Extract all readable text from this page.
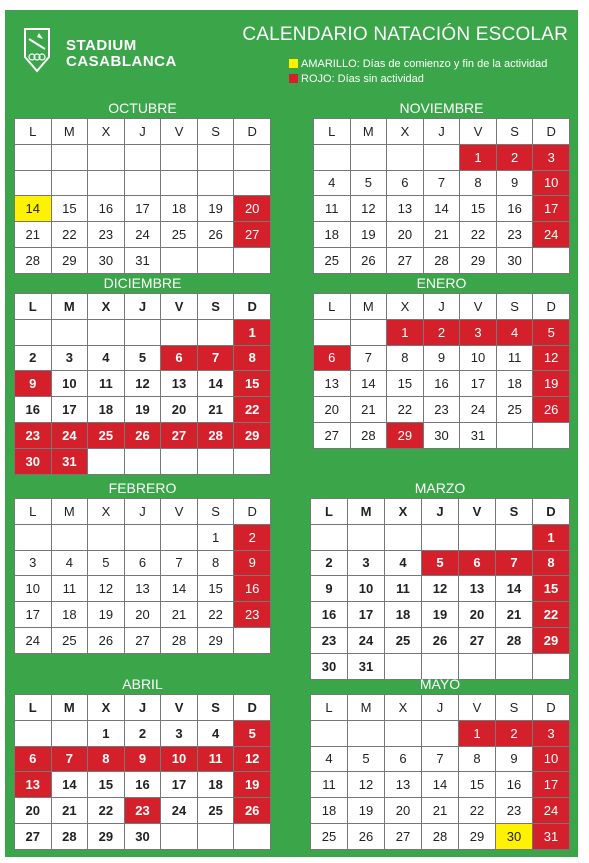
STADIUM
CASABLANCA
CALENDARIO NATACIÓN ESCOLAR
AMARILLO: Días de comienzo y fin de la actividad
ROJO: Días sin actividad
OCTUBRE
L	M	X	J	V	S	D

14	15	16	17	18	19	20
21	22	23	24	25	26	27
28	29	30	31			
NOVIEMBRE
L	M	X	J	V	S	D
				1	2	3
4	5	6	7	8	9	10
11	12	13	14	15	16	17
18	19	20	21	22	23	24
25	26	27	28	29	30	
DICIEMBRE
L	M	X	J	V	S	D
						1
2	3	4	5	6	7	8
9	10	11	12	13	14	15
16	17	18	19	20	21	22
23	24	25	26	27	28	29
30	31					
ENERO
L	M	X	J	V	S	D
		1	2	3	4	5
6	7	8	9	10	11	12
13	14	15	16	17	18	19
20	21	22	23	24	25	26
27	28	29	30	31		
FEBRERO
L	M	X	J	V	S	D
					1	2
3	4	5	6	7	8	9
10	11	12	13	14	15	16
17	18	19	20	21	22	23
24	25	26	27	28	29	
MARZO
L	M	X	J	V	S	D
						1
2	3	4	5	6	7	8
9	10	11	12	13	14	15
16	17	18	19	20	21	22
23	24	25	26	27	28	29
30	31					
ABRIL
L	M	X	J	V	S	D
		1	2	3	4	5
6	7	8	9	10	11	12
13	14	15	16	17	18	19
20	21	22	23	24	25	26
27	28	29	30			
MAYO
L	M	X	J	V	S	D
				1	2	3
4	5	6	7	8	9	10
11	12	13	14	15	16	17
18	19	20	21	22	23	24
25	26	27	28	29	30	31
